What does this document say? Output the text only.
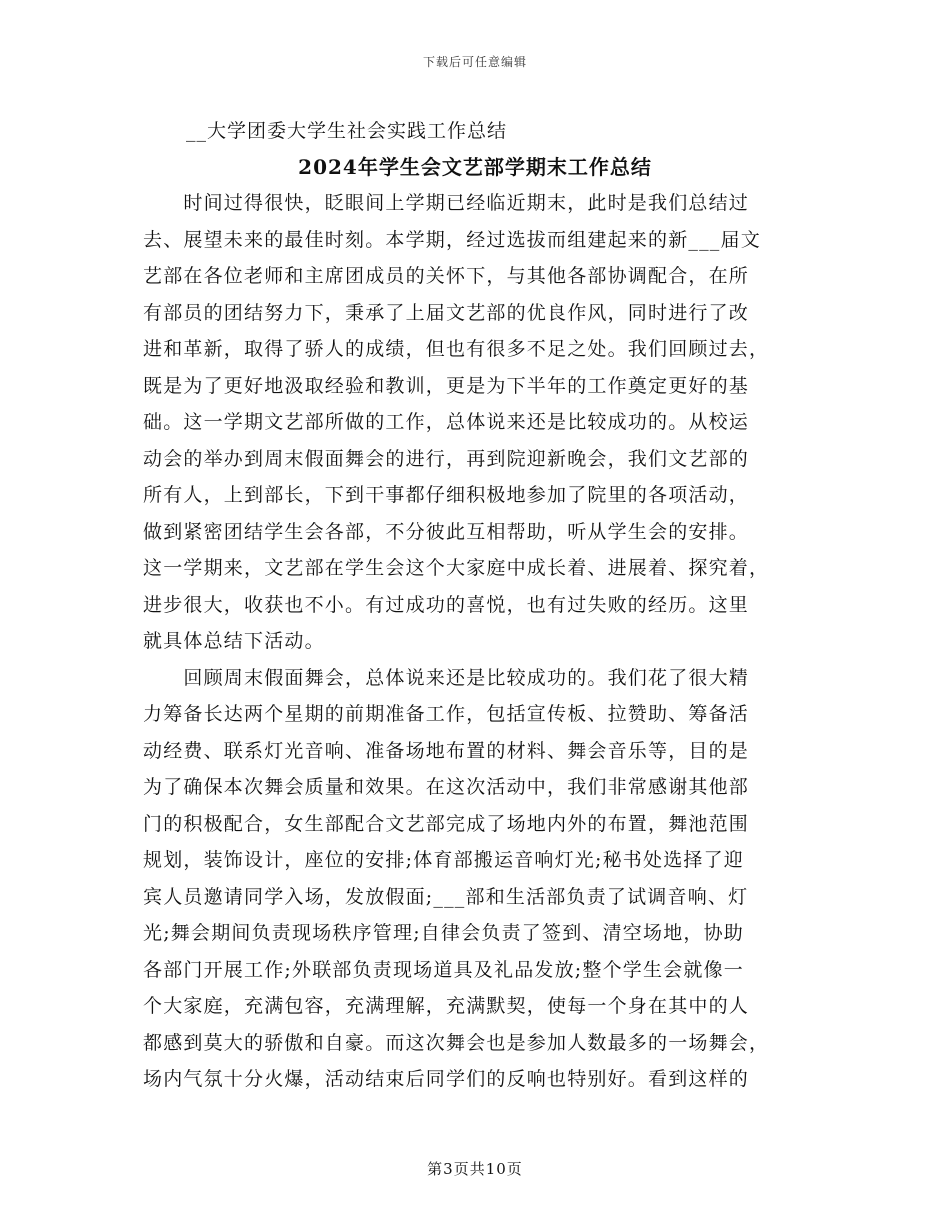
下载后可任意编辑
__大学团委大学生社会实践工作总结
2024年学生会文艺部学期末工作总结

　　时间过得很快，眨眼间上学期已经临近期末，此时是我们总结过
去、展望未来的最佳时刻。本学期，经过选拔而组建起来的新___届文
艺部在各位老师和主席团成员的关怀下，与其他各部协调配合，在所
有部员的团结努力下，秉承了上届文艺部的优良作风，同时进行了改
进和革新，取得了骄人的成绩，但也有很多不足之处。我们回顾过去，
既是为了更好地汲取经验和教训，更是为下半年的工作奠定更好的基
础。这一学期文艺部所做的工作，总体说来还是比较成功的。从校运
动会的举办到周末假面舞会的进行，再到院迎新晚会，我们文艺部的
所有人，上到部长，下到干事都仔细积极地参加了院里的各项活动，
做到紧密团结学生会各部，不分彼此互相帮助，听从学生会的安排。
这一学期来，文艺部在学生会这个大家庭中成长着、进展着、探究着，
进步很大，收获也不小。有过成功的喜悦，也有过失败的经历。这里
就具体总结下活动。

　　回顾周末假面舞会，总体说来还是比较成功的。我们花了很大精
力筹备长达两个星期的前期准备工作，包括宣传板、拉赞助、筹备活
动经费、联系灯光音响、准备场地布置的材料、舞会音乐等，目的是
为了确保本次舞会质量和效果。在这次活动中，我们非常感谢其他部
门的积极配合，女生部配合文艺部完成了场地内外的布置，舞池范围
规划，装饰设计，座位的安排;体育部搬运音响灯光;秘书处选择了迎
宾人员邀请同学入场，发放假面;___部和生活部负责了试调音响、灯
光;舞会期间负责现场秩序管理;自律会负责了签到、清空场地，协助
各部门开展工作;外联部负责现场道具及礼品发放;整个学生会就像一
个大家庭，充满包容，充满理解，充满默契，使每一个身在其中的人
都感到莫大的骄傲和自豪。而这次舞会也是参加人数最多的一场舞会，
场内气氛十分火爆，活动结束后同学们的反响也特别好。看到这样的

第3页共10页
